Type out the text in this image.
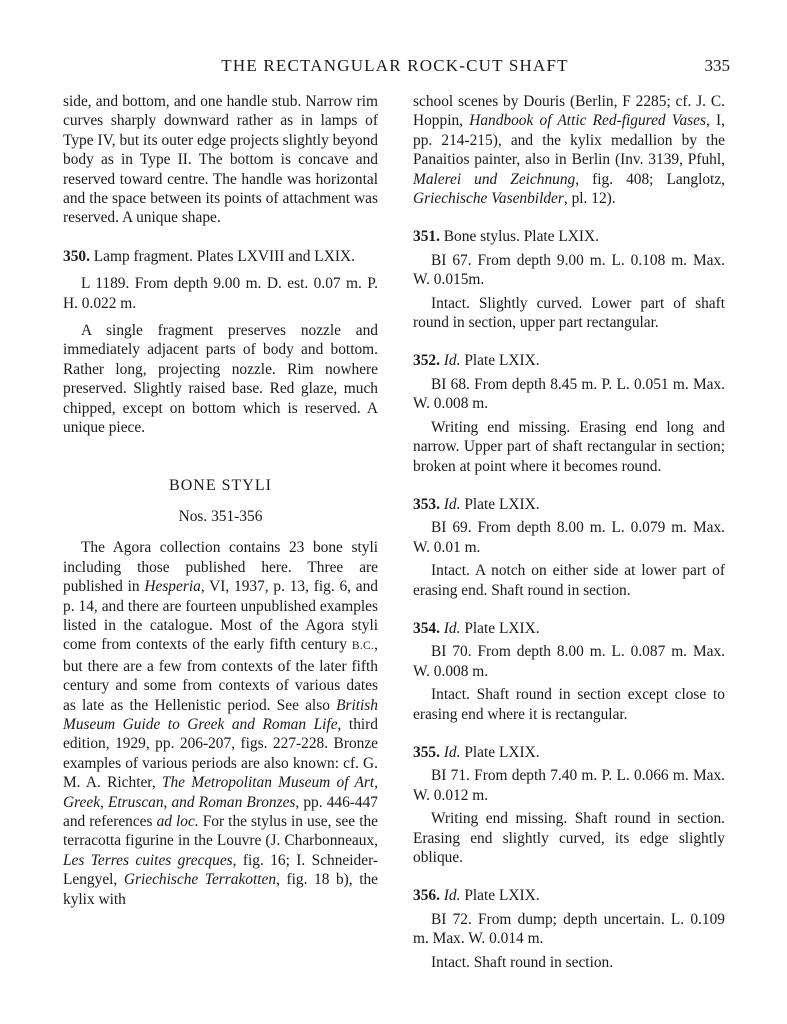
THE RECTANGULAR ROCK-CUT SHAFT	335

side, and bottom, and one handle stub. Narrow rim curves sharply downward rather as in lamps of Type IV, but its outer edge projects slightly beyond body as in Type II. The bottom is concave and reserved toward centre. The handle was horizontal and the space between its points of attachment was reserved. A unique shape.

350. Lamp fragment. Plates LXVIII and LXIX.

L 1189. From depth 9.00 m. D. est. 0.07 m. P. H. 0.022 m.

A single fragment preserves nozzle and immediately adjacent parts of body and bottom. Rather long, projecting nozzle. Rim nowhere preserved. Slightly raised base. Red glaze, much chipped, except on bottom which is reserved. A unique piece.

BONE STYLI

Nos. 351-356

The Agora collection contains 23 bone styli including those published here. Three are published in Hesperia, VI, 1937, p. 13, fig. 6, and p. 14, and there are fourteen unpublished examples listed in the catalogue. Most of the Agora styli come from contexts of the early fifth century B.C., but there are a few from contexts of the later fifth century and some from contexts of various dates as late as the Hellenistic period. See also British Museum Guide to Greek and Roman Life, third edition, 1929, pp. 206-207, figs. 227-228. Bronze examples of various periods are also known: cf. G. M. A. Richter, The Metropolitan Museum of Art, Greek, Etruscan, and Roman Bronzes, pp. 446-447 and references ad loc. For the stylus in use, see the terracotta figurine in the Louvre (J. Charbonneaux, Les Terres cuites grecques, fig. 16; I. Schneider-Lengyel, Griechische Terrakotten, fig. 18 b), the kylix with

school scenes by Douris (Berlin, F 2285; cf. J. C. Hoppin, Handbook of Attic Red-figured Vases, I, pp. 214-215), and the kylix medallion by the Panaitios painter, also in Berlin (Inv. 3139, Pfuhl, Malerei und Zeichnung, fig. 408; Langlotz, Griechische Vasenbilder, pl. 12).

351. Bone stylus. Plate LXIX.

BI 67. From depth 9.00 m. L. 0.108 m. Max. W. 0.015m.

Intact. Slightly curved. Lower part of shaft round in section, upper part rectangular.

352. Id. Plate LXIX.

BI 68. From depth 8.45 m. P. L. 0.051 m. Max. W. 0.008 m.

Writing end missing. Erasing end long and narrow. Upper part of shaft rectangular in section; broken at point where it becomes round.

353. Id. Plate LXIX.

BI 69. From depth 8.00 m. L. 0.079 m. Max. W. 0.01 m.

Intact. A notch on either side at lower part of erasing end. Shaft round in section.

354. Id. Plate LXIX.

BI 70. From depth 8.00 m. L. 0.087 m. Max. W. 0.008 m.

Intact. Shaft round in section except close to erasing end where it is rectangular.

355. Id. Plate LXIX.

BI 71. From depth 7.40 m. P. L. 0.066 m. Max. W. 0.012 m.

Writing end missing. Shaft round in section. Erasing end slightly curved, its edge slightly oblique.

356. Id. Plate LXIX.

BI 72. From dump; depth uncertain. L. 0.109 m. Max. W. 0.014 m.

Intact. Shaft round in section.
